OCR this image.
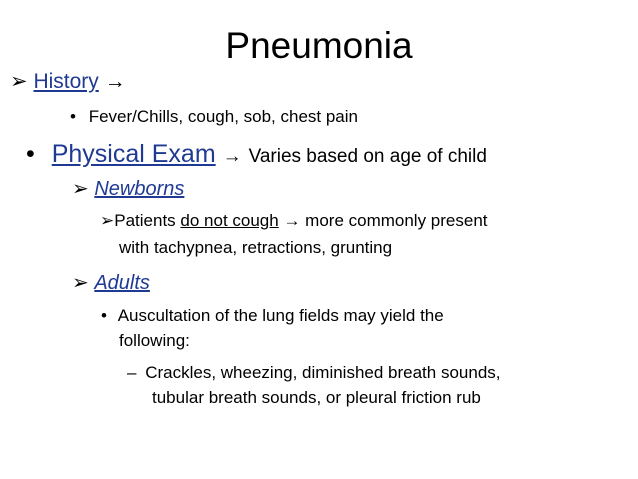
Pneumonia
➢ History →
• Fever/Chills, cough, sob, chest pain
• Physical Exam → Varies based on age of child
➢ Newborns
➢Patients do not cough → more commonly present
with tachypnea, retractions, grunting
➢ Adults
• Auscultation of the lung fields may yield the
following:
– Crackles, wheezing, diminished breath sounds,
tubular breath sounds, or pleural friction rub
